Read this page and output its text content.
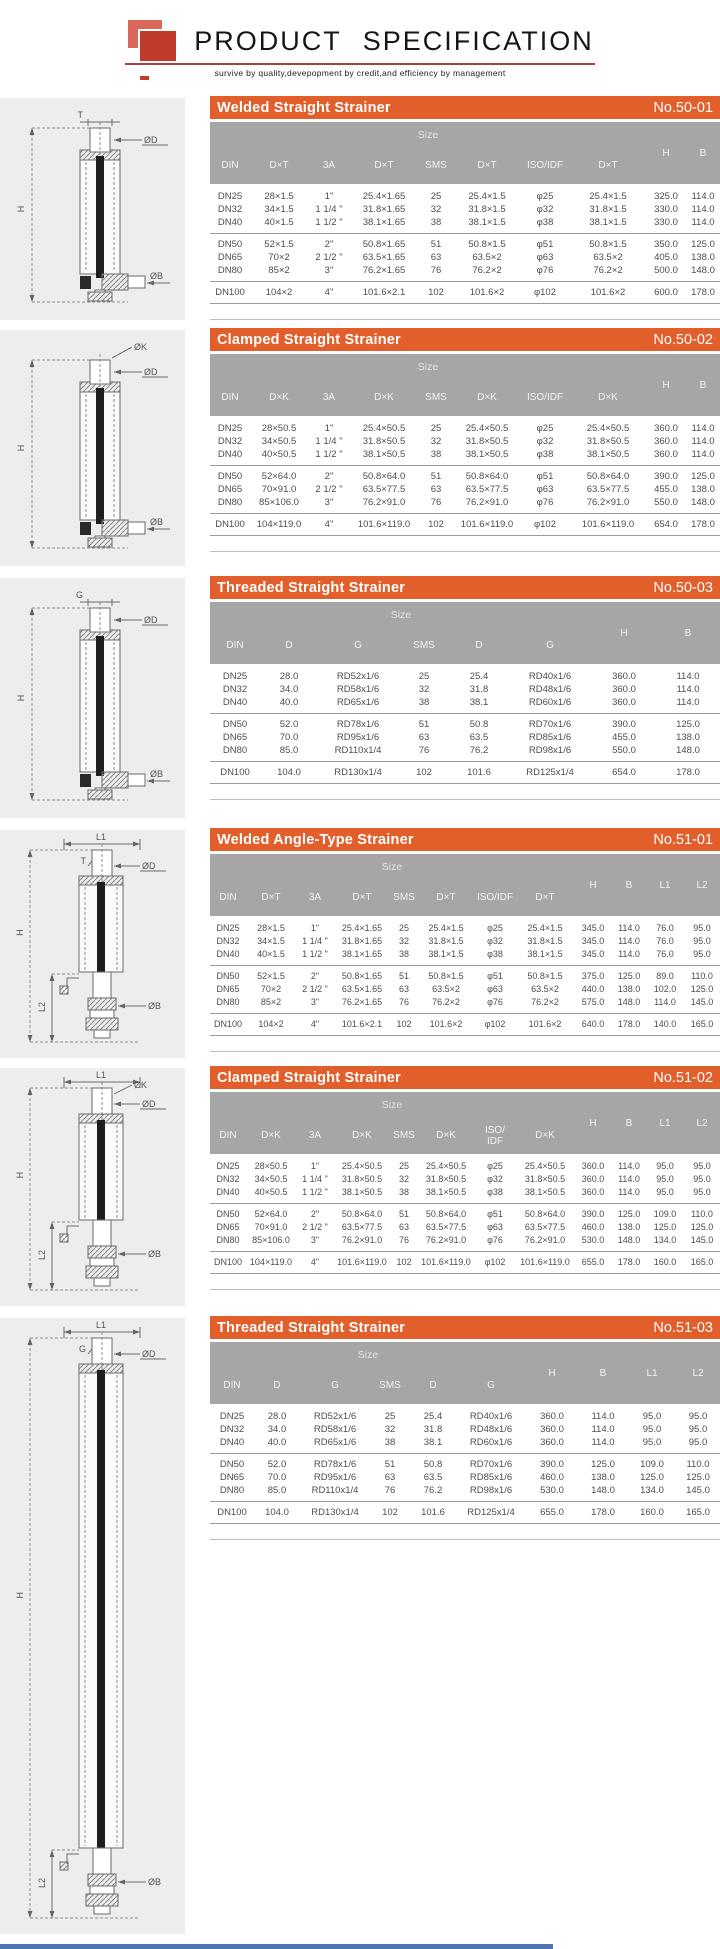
PRODUCT SPECIFICATION
survive by quality,devepopment by credit,and efficiency by management
H
T
ØD
ØB
Welded Straight Strainer	No.50-01
Size
DIN	D×T	3A	D×T	SMS	D×T	ISO/IDF	D×T
H	B
DN25	28×1.5	1"	25.4×1.65	25	25.4×1.5	φ25	25.4×1.5	325.0	114.0
DN32	34×1.5	1 1/4 "	31.8×1.65	32	31.8×1.5	φ32	31.8×1.5	330.0	114.0
DN40	40×1.5	1 1/2 "	38.1×1.65	38	38.1×1.5	φ38	38.1×1.5	330.0	114.0
DN50	52×1.5	2"	50.8×1.65	51	50.8×1.5	φ51	50.8×1.5	350.0	125.0
DN65	70×2	2 1/2 "	63.5×1.65	63	63.5×2	φ63	63.5×2	405.0	138.0
DN80	85×2	3"	76.2×1.65	76	76.2×2	φ76	76.2×2	500.0	148.0
DN100	104×2	4"	101.6×2.1	102	101.6×2	φ102	101.6×2	600.0	178.0
H
ØK
ØD
ØB
Clamped Straight Strainer	No.50-02
Size
DIN	D×K	3A	D×K	SMS	D×K	ISO/IDF	D×K
H	B
DN25	28×50.5	1"	25.4×50.5	25	25.4×50.5	φ25	25.4×50.5	360.0	114.0
DN32	34×50.5	1 1/4 "	31.8×50.5	32	31.8×50.5	φ32	31.8×50.5	360.0	114.0
DN40	40×50.5	1 1/2 "	38.1×50.5	38	38.1×50.5	φ38	38.1×50.5	360.0	114.0
DN50	52×64.0	2"	50.8×64.0	51	50.8×64.0	φ51	50.8×64.0	390.0	125.0
DN65	70×91.0	2 1/2 "	63.5×77.5	63	63.5×77.5	φ63	63.5×77.5	455.0	138.0
DN80	85×106.0	3"	76.2×91.0	76	76.2×91.0	φ76	76.2×91.0	550.0	148.0
DN100	104×119.0	4"	101.6×119.0	102	101.6×119.0	φ102	101.6×119.0	654.0	178.0
H
G
ØD
ØB
Threaded Straight Strainer	No.50-03
Size
DIN	D	G	SMS	D	G
H	B
DN25	28.0	RD52x1/6	25	25.4	RD40x1/6	360.0	114.0
DN32	34.0	RD58x1/6	32	31.8	RD48x1/6	360.0	114.0
DN40	40.0	RD65x1/6	38	38.1	RD60x1/6	360.0	114.0
DN50	52.0	RD78x1/6	51	50.8	RD70x1/6	390.0	125.0
DN65	70.0	RD95x1/6	63	63.5	RD85x1/6	455.0	138.0
DN80	85.0	RD110x1/4	76	76.2	RD98x1/6	550.0	148.0
DN100	104.0	RD130x1/4	102	101.6	RD125x1/4	654.0	178.0
L1
T	ØD
H
L2	ØB
Welded Angle-Type Strainer	No.51-01
Size
DIN	D×T	3A	D×T	SMS	D×T	ISO/IDF	D×T
H	B	L1	L2
DN25	28×1.5	1"	25.4×1.65	25	25.4×1.5	φ25	25.4×1.5	345.0	114.0	76.0	95.0
DN32	34×1.5	1 1/4 "	31.8×1.65	32	31.8×1.5	φ32	31.8×1.5	345.0	114.0	76.0	95.0
DN40	40×1.5	1 1/2 "	38.1×1.65	38	38.1×1.5	φ38	38.1×1.5	345.0	114.0	76.0	95.0
DN50	52×1.5	2"	50.8×1.65	51	50.8×1.5	φ51	50.8×1.5	375.0	125.0	89.0	110.0
DN65	70×2	2 1/2 "	63.5×1.65	63	63.5×2	φ63	63.5×2	440.0	138.0	102.0	125.0
DN80	85×2	3"	76.2×1.65	76	76.2×2	φ76	76.2×2	575.0	148.0	114.0	145.0
DN100	104×2	4"	101.6×2.1	102	101.6×2	φ102	101.6×2	640.0	178.0	140.0	165.0
L1
ØK
ØD
H
L2	ØB
Clamped Straight Strainer	No.51-02
Size
DIN	D×K	3A	D×K	SMS	D×K
ISO/
IDF
D×K
H	B	L1	L2
DN25	28×50.5	1"	25.4×50.5	25	25.4×50.5	φ25	25.4×50.5	360.0	114.0	95.0	95.0
DN32	34×50.5	1 1/4 "	31.8×50.5	32	31.8×50.5	φ32	31.8×50.5	360.0	114.0	95.0	95.0
DN40	40×50.5	1 1/2 "	38.1×50.5	38	38.1×50.5	φ38	38.1×50.5	360.0	114.0	95.0	95.0
DN50	52×64.0	2"	50.8×64.0	51	50.8×64.0	φ51	50.8×64.0	390.0	125.0	109.0	110.0
DN65	70×91.0	2 1/2 "	63.5×77.5	63	63.5×77.5	φ63	63.5×77.5	460.0	138.0	125.0	125.0
DN80	85×106.0	3"	76.2×91.0	76	76.2×91.0	φ76	76.2×91.0	530.0	148.0	134.0	145.0
DN100 104×119.0	4"	101.6×119.0	102	101.6×119.0	φ102	101.6×119.0	655.0	178.0	160.0	165.0
L1
G	ØD
H
L2	ØB
Threaded Straight Strainer	No.51-03
Size
DIN	D	G	SMS	D	G
H	B	L1	L2
DN25	28.0	RD52x1/6	25	25.4	RD40x1/6	360.0	114.0	95.0	95.0
DN32	34.0	RD58x1/6	32	31.8	RD48x1/6	360.0	114.0	95.0	95.0
DN40	40.0	RD65x1/6	38	38.1	RD60x1/6	360.0	114.0	95.0	95.0
DN50	52.0	RD78x1/6	51	50.8	RD70x1/6	390.0	125.0	109.0	110.0
DN65	70.0	RD95x1/6	63	63.5	RD85x1/6	460.0	138.0	125.0	125.0
DN80	85.0	RD110x1/4	76	76.2	RD98x1/6	530.0	148.0	134.0	145.0
DN100	104.0	RD130x1/4	102	101.6	RD125x1/4	655.0	178.0	160.0	165.0
